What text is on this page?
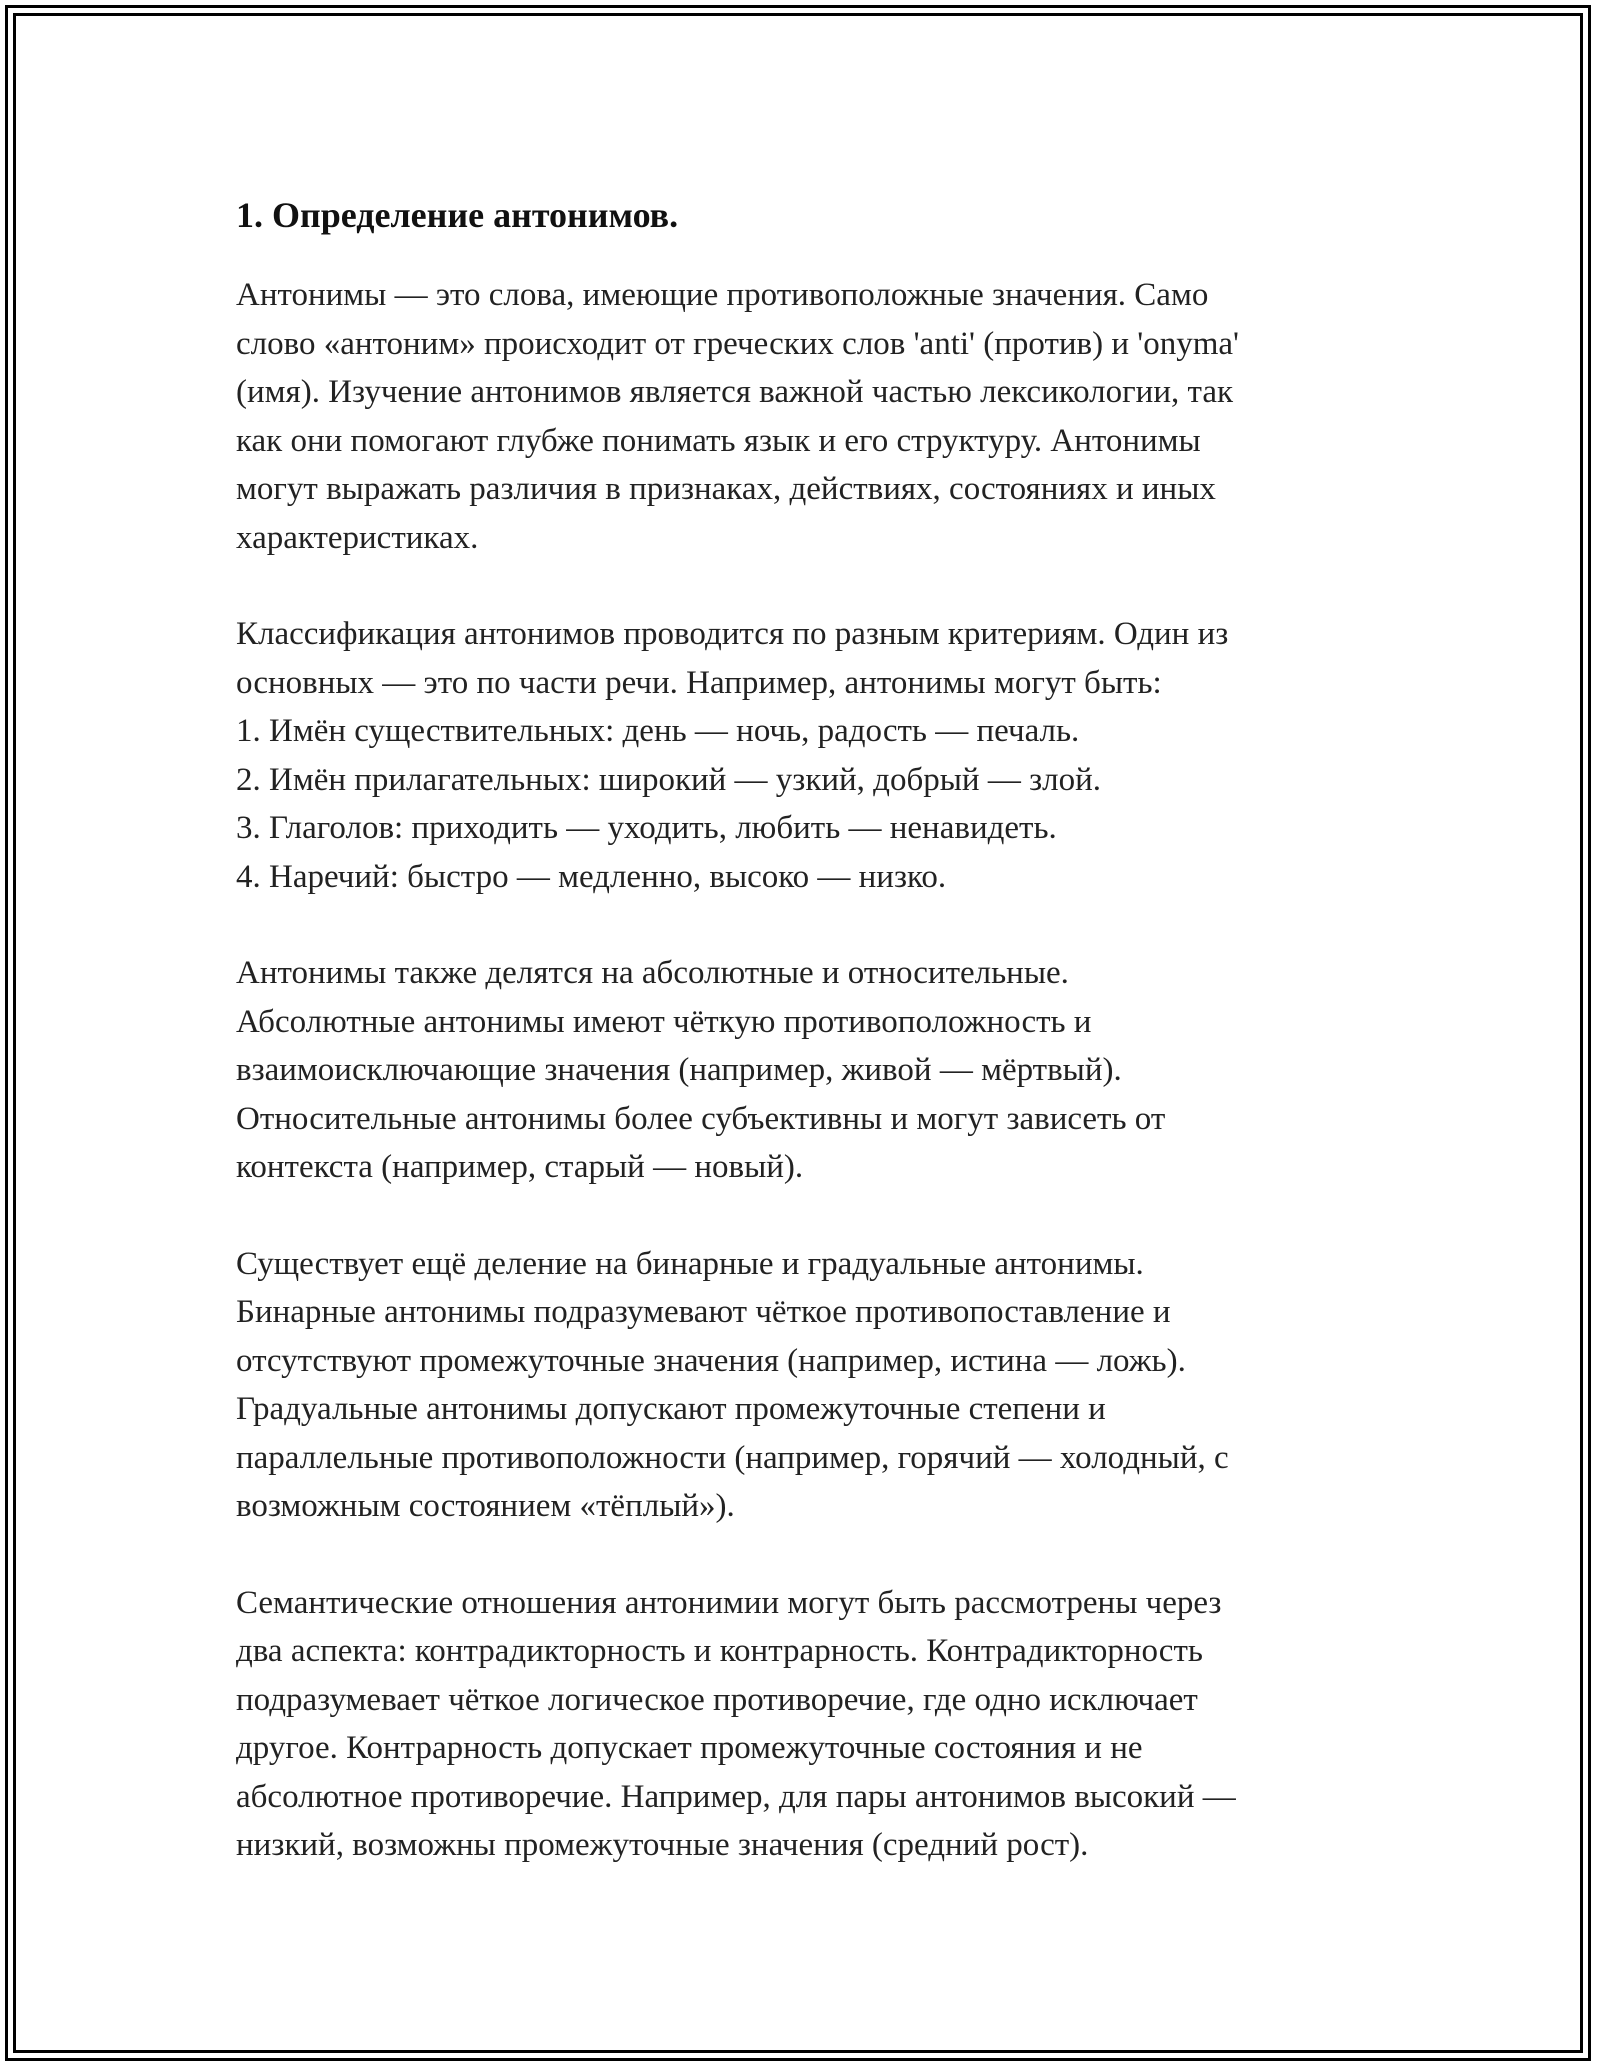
1. Определение антонимов.

Антонимы — это слова, имеющие противоположные значения. Само
слово «антоним» происходит от греческих слов 'anti' (против) и 'onyma'
(имя). Изучение антонимов является важной частью лексикологии, так
как они помогают глубже понимать язык и его структуру. Антонимы
могут выражать различия в признаках, действиях, состояниях и иных
характеристиках.

Классификация антонимов проводится по разным критериям. Один из
основных — это по части речи. Например, антонимы могут быть:
1. Имён существительных: день — ночь, радость — печаль.
2. Имён прилагательных: широкий — узкий, добрый — злой.
3. Глаголов: приходить — уходить, любить — ненавидеть.
4. Наречий: быстро — медленно, высоко — низко.

Антонимы также делятся на абсолютные и относительные.
Абсолютные антонимы имеют чёткую противоположность и
взаимоисключающие значения (например, живой — мёртвый).
Относительные антонимы более субъективны и могут зависеть от
контекста (например, старый — новый).

Существует ещё деление на бинарные и градуальные антонимы.
Бинарные антонимы подразумевают чёткое противопоставление и
отсутствуют промежуточные значения (например, истина — ложь).
Градуальные антонимы допускают промежуточные степени и
параллельные противоположности (например, горячий — холодный, с
возможным состоянием «тёплый»).

Семантические отношения антонимии могут быть рассмотрены через
два аспекта: контрадикторность и контрарность. Контрадикторность
подразумевает чёткое логическое противоречие, где одно исключает
другое. Контрарность допускает промежуточные состояния и не
абсолютное противоречие. Например, для пары антонимов высокий —
низкий, возможны промежуточные значения (средний рост).
